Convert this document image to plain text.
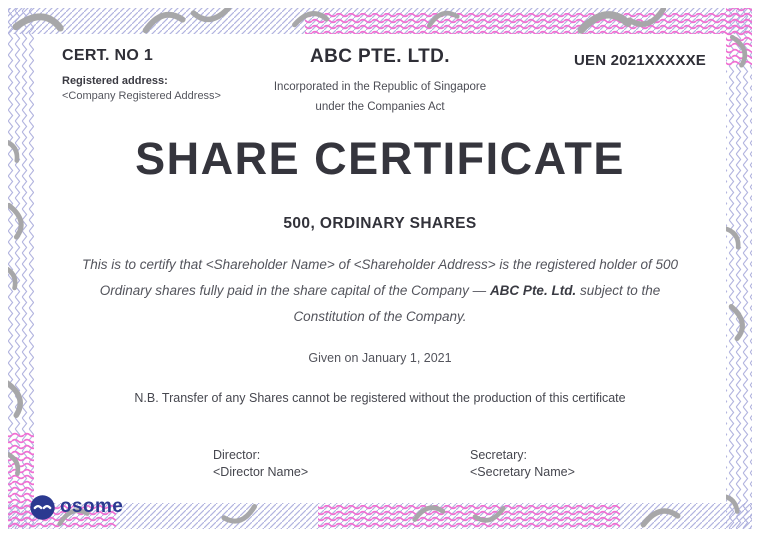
CERT. NO 1
Registered address:
<Company Registered Address>
ABC PTE. LTD.
Incorporated in the Republic of Singapore
under the Companies Act
UEN 2021XXXXXE
SHARE CERTIFICATE
500, ORDINARY SHARES
This is to certify that <Shareholder Name> of <Shareholder Address> is the registered holder of 500 Ordinary shares fully paid in the share capital of the Company — ABC Pte. Ltd. subject to the Constitution of the Company.
Given on January 1, 2021
N.B. Transfer of any Shares cannot be registered without the production of this certificate
Director:
<Director Name>
Secretary:
<Secretary Name>
osome
